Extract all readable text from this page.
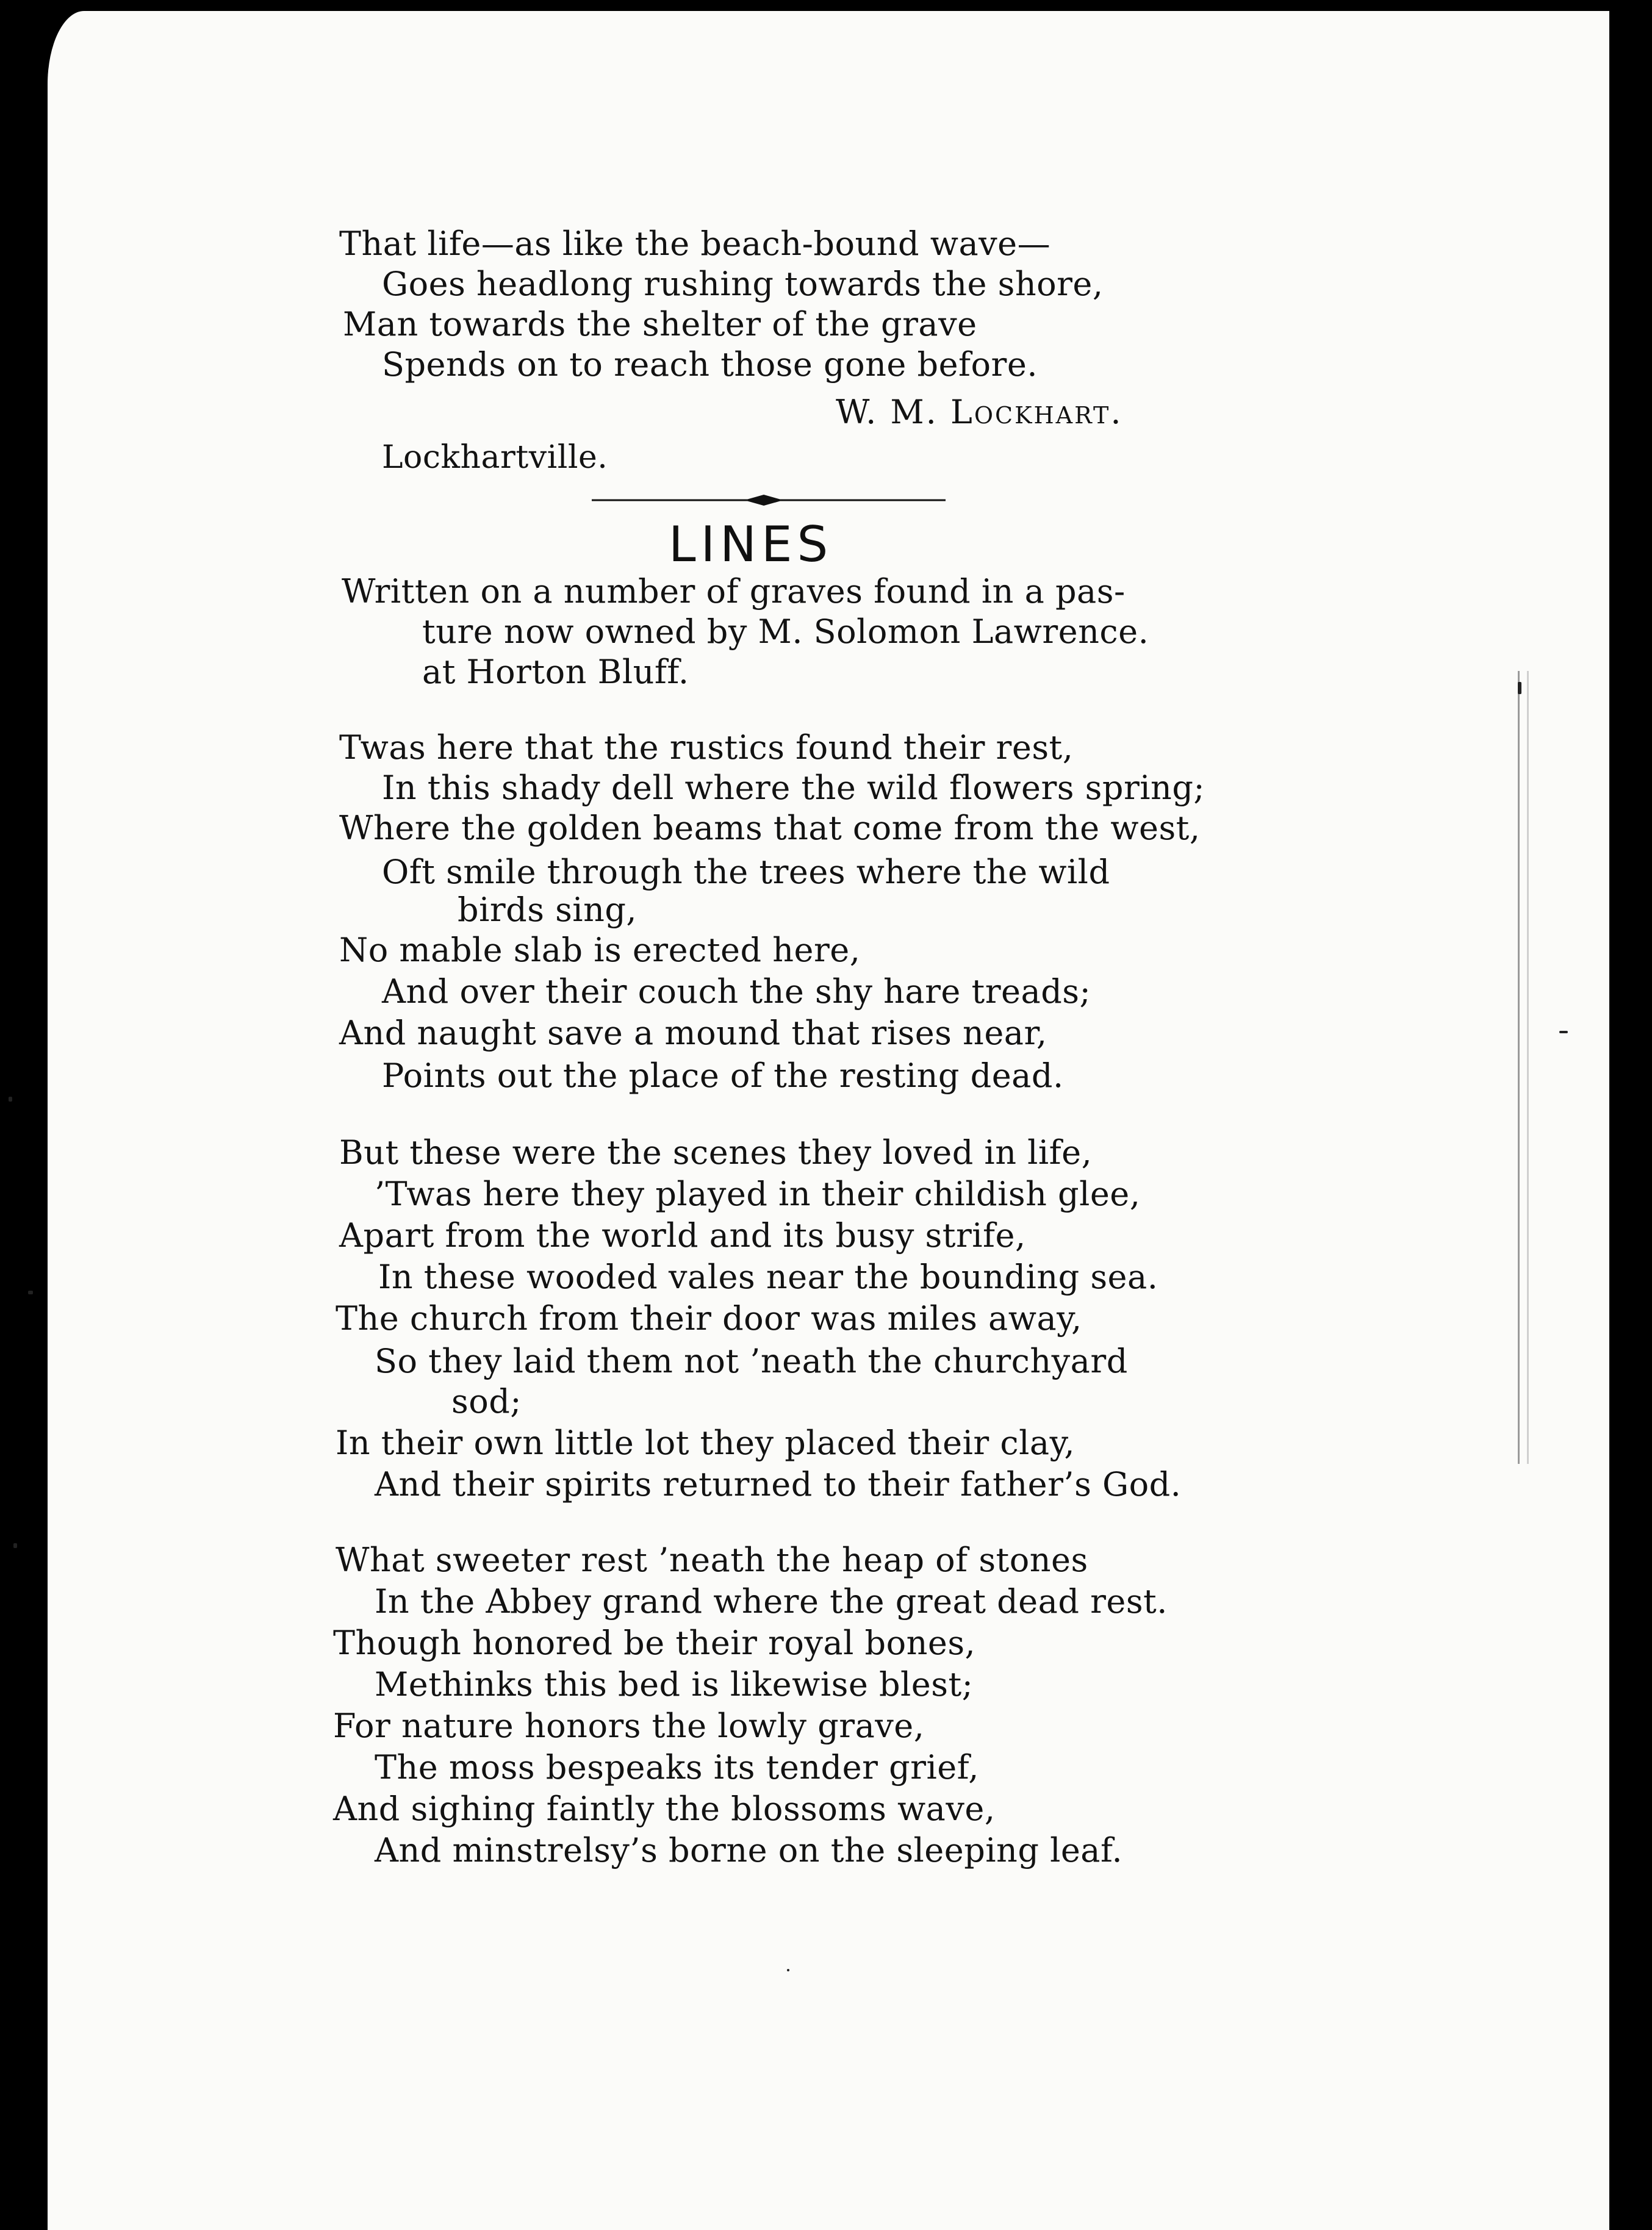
That life—as like the beach-bound wave—
Goes headlong rushing towards the shore,
Man towards the shelter of the grave
Spends on to reach those gone before.
W. M. Lockhart.
Lockhartville.
LINES
Written on a number of graves found in a pas-
ture now owned by M. Solomon Lawrence.
at Horton Bluff.
Twas here that the rustics found their rest,
In this shady dell where the wild flowers spring;
Where the golden beams that come from the west,
Oft smile through the trees where the wild
birds sing,
No mable slab is erected here,
And over their couch the shy hare treads;
And naught save a mound that rises near,
Points out the place of the resting dead.
But these were the scenes they loved in life,
’Twas here they played in their childish glee,
Apart from the world and its busy strife,
In these wooded vales near the bounding sea.
The church from their door was miles away,
So they laid them not ’neath the churchyard
sod;
In their own little lot they placed their clay,
And their spirits returned to their father’s God.
What sweeter rest ’neath the heap of stones
In the Abbey grand where the great dead rest.
Though honored be their royal bones,
Methinks this bed is likewise blest;
For nature honors the lowly grave,
The moss bespeaks its tender grief,
And sighing faintly the blossoms wave,
And minstrelsy’s borne on the sleeping leaf.
